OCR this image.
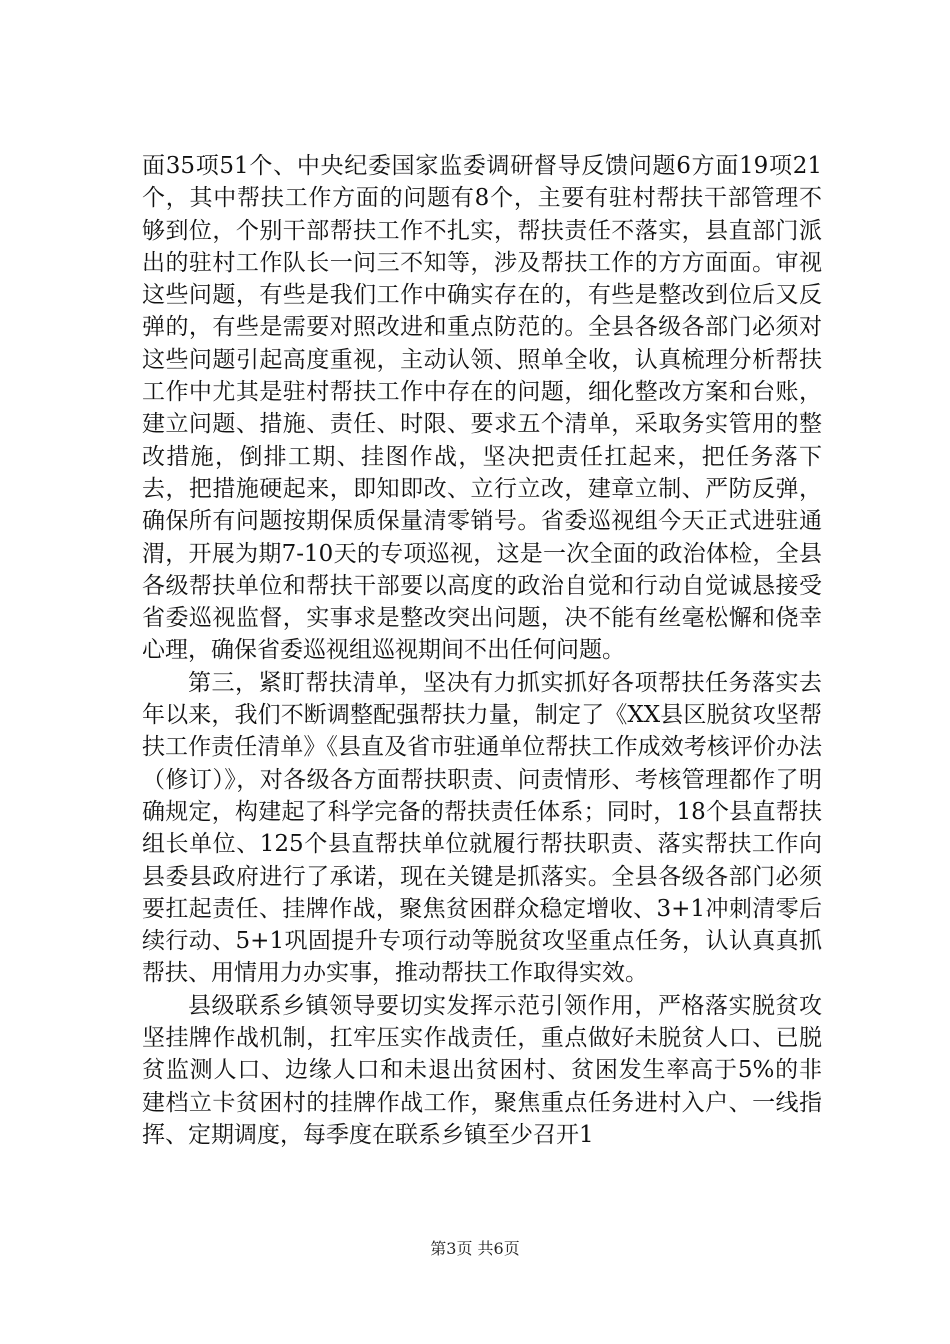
面35项51个、中央纪委国家监委调研督导反馈问题6方面19项21个，其中帮扶工作方面的问题有8个，主要有驻村帮扶干部管理不够到位，个别干部帮扶工作不扎实，帮扶责任不落实，县直部门派出的驻村工作队长一问三不知等，涉及帮扶工作的方方面面。审视这些问题，有些是我们工作中确实存在的，有些是整改到位后又反弹的，有些是需要对照改进和重点防范的。全县各级各部门必须对这些问题引起高度重视，主动认领、照单全收，认真梳理分析帮扶工作中尤其是驻村帮扶工作中存在的问题，细化整改方案和台账，建立问题、措施、责任、时限、要求五个清单，采取务实管用的整改措施，倒排工期、挂图作战，坚决把责任扛起来，把任务落下去，把措施硬起来，即知即改、立行立改，建章立制、严防反弹，确保所有问题按期保质保量清零销号。省委巡视组今天正式进驻通渭，开展为期7-10天的专项巡视，这是一次全面的政治体检，全县各级帮扶单位和帮扶干部要以高度的政治自觉和行动自觉诚恳接受省委巡视监督，实事求是整改突出问题，决不能有丝毫松懈和侥幸心理，确保省委巡视组巡视期间不出任何问题。

第三，紧盯帮扶清单，坚决有力抓实抓好各项帮扶任务落实去年以来，我们不断调整配强帮扶力量，制定了《XX县区脱贫攻坚帮扶工作责任清单》《县直及省市驻通单位帮扶工作成效考核评价办法（修订）》，对各级各方面帮扶职责、问责情形、考核管理都作了明确规定，构建起了科学完备的帮扶责任体系；同时，18个县直帮扶组长单位、125个县直帮扶单位就履行帮扶职责、落实帮扶工作向县委县政府进行了承诺，现在关键是抓落实。全县各级各部门必须要扛起责任、挂牌作战，聚焦贫困群众稳定增收、3+1冲刺清零后续行动、5+1巩固提升专项行动等脱贫攻坚重点任务，认认真真抓帮扶、用情用力办实事，推动帮扶工作取得实效。

县级联系乡镇领导要切实发挥示范引领作用，严格落实脱贫攻坚挂牌作战机制，扛牢压实作战责任，重点做好未脱贫人口、已脱贫监测人口、边缘人口和未退出贫困村、贫困发生率高于5%的非建档立卡贫困村的挂牌作战工作，聚焦重点任务进村入户、一线指挥、定期调度，每季度在联系乡镇至少召开1

第3页 共6页
